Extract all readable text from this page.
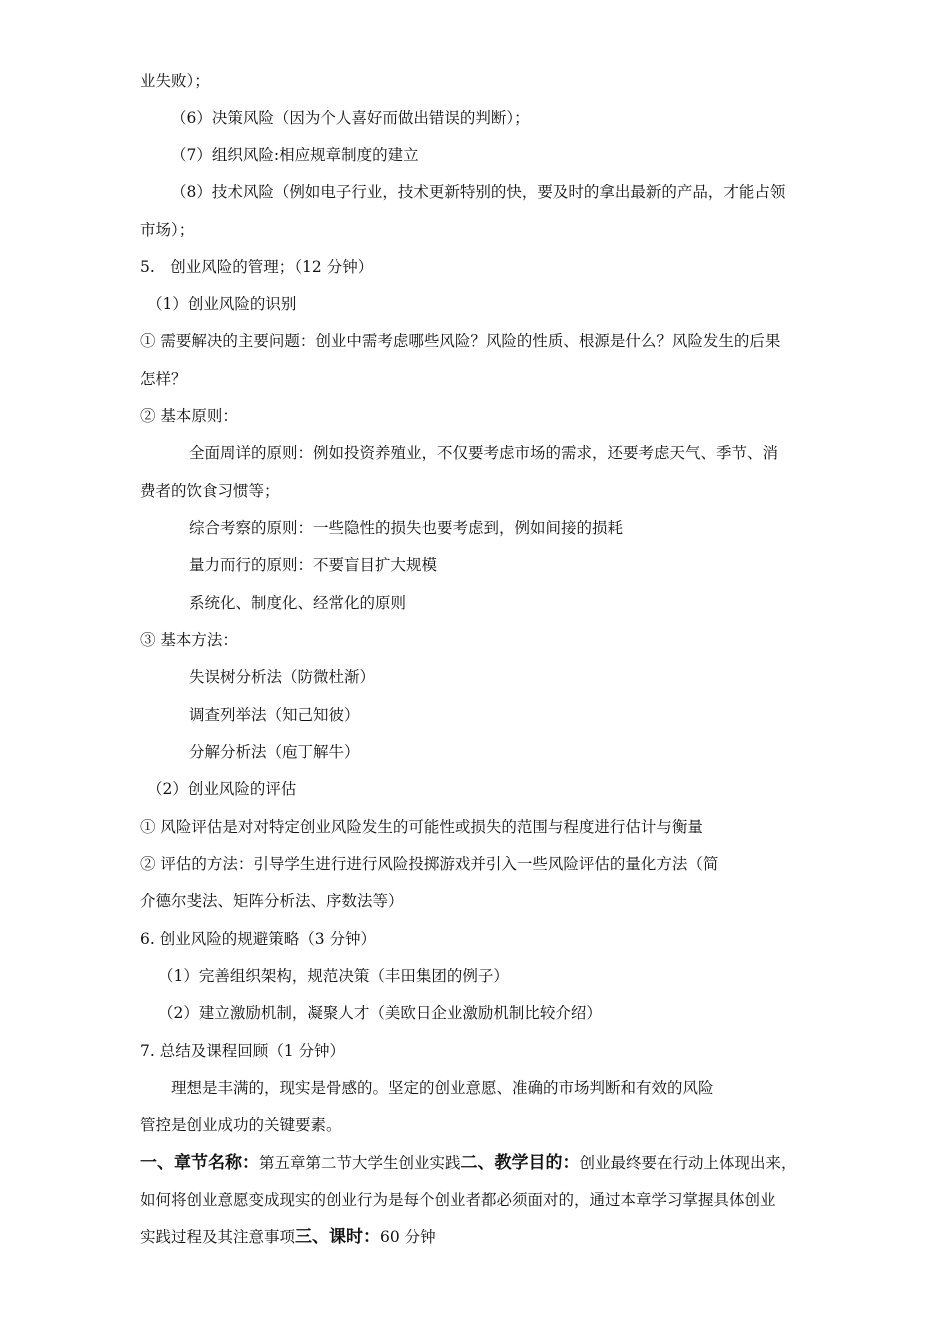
业失败）；
（6）决策风险（因为个人喜好而做出错误的判断）；
（7）组织风险:相应规章制度的建立
（8）技术风险（例如电子行业，技术更新特别的快，要及时的拿出最新的产品，才能占领
市场）；
5.　创业风险的管理；（12 分钟）
（1）创业风险的识别
① 需要解决的主要问题：创业中需考虑哪些风险？风险的性质、根源是什么？风险发生的后果
怎样？
② 基本原则：
全面周详的原则：例如投资养殖业，不仅要考虑市场的需求，还要考虑天气、季节、消
费者的饮食习惯等；
综合考察的原则：一些隐性的损失也要考虑到，例如间接的损耗
量力而行的原则：不要盲目扩大规模
系统化、制度化、经常化的原则
③ 基本方法：
失误树分析法（防微杜渐）
调查列举法（知己知彼）
分解分析法（庖丁解牛）
（2）创业风险的评估
① 风险评估是对对特定创业风险发生的可能性或损失的范围与程度进行估计与衡量
② 评估的方法：引导学生进行进行风险投掷游戏并引入一些风险评估的量化方法（简
介德尔斐法、矩阵分析法、序数法等）
6. 创业风险的规避策略（3 分钟）
（1）完善组织架构，规范决策（丰田集团的例子）
（2）建立激励机制，凝聚人才（美欧日企业激励机制比较介绍）
7. 总结及课程回顾（1 分钟）
理想是丰满的，现实是骨感的。坚定的创业意愿、准确的市场判断和有效的风险
管控是创业成功的关键要素。
一、章节名称：第五章第二节大学生创业实践二、教学目的：创业最终要在行动上体现出来，
如何将创业意愿变成现实的创业行为是每个创业者都必须面对的，通过本章学习掌握具体创业
实践过程及其注意事项三、课时：60 分钟
